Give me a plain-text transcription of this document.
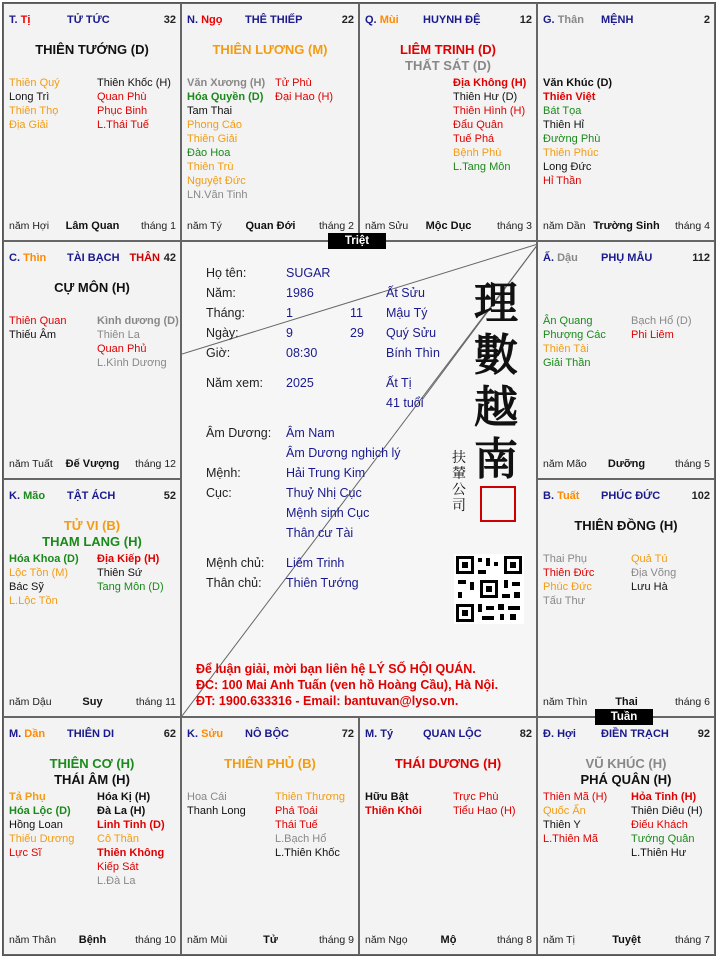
T. Tị	TỬ TỨC	32
THIÊN TƯỚNG (D)
Thiên Quý
Long Trì
Thiên Thọ
Địa Giải
Thiên Khốc (H)
Quan Phù
Phục Binh
L.Thái Tuế
Lâm Quan
năm Hợi	tháng 1
N. Ngọ THÊ THIẾP	22
THIÊN LƯƠNG (M)
Văn Xương (H)
Hóa Quyền (D)
Tam Thai
Phong Cáo
Thiên Giải
Đào Hoa
Thiên Trù
Nguyệt Đức
LN.Văn Tinh
Tử Phù
Đại Hao (H)
Quan Đới
năm Tý	tháng 2
Q. Mùi HUYNH ĐỆ	12
LIÊM TRINH (D)
THẤT SÁT (D)
Địa Không (H)
Thiên Hư (D)
Thiên Hình (H)
Đẩu Quân
Tuế Phá
Bệnh Phù
L.Tang Môn
Mộc Dục
năm Sửu	tháng 3
G. Thân MỆNH	2
Văn Khúc (D)
Thiên Việt
Bát Tọa
Thiên Hỉ
Đường Phù
Thiên Phúc
Long Đức
Hỉ Thần
Trường Sinh
năm Dần	tháng 4
C. Thìn TÀI BẠCH THÂN 42
CỰ MÔN (H)
Thiên Quan
Thiếu Âm
Kình dương (D)
Thiên La
Quan Phủ
L.Kình Dương
Đế Vượng
năm Tuất	tháng 12
Ấ. Dậu PHỤ MẪU	112
Ân Quang
Phượng Các
Thiên Tài
Giải Thần
Bạch Hổ (D)
Phi Liêm
Dưỡng
năm Mão	tháng 5
K. Mão TẬT ÁCH	52
TỬ VI (B)
THAM LANG (H)
Hóa Khoa (D)
Lộc Tồn (M)
Bác Sỹ
L.Lộc Tồn
Địa Kiếp (H)
Thiên Sứ
Tang Môn (D)
Suy
năm Dậu	tháng 11
B. Tuất PHÚC ĐỨC	102
THIÊN ĐỒNG (H)
Thai Phụ
Thiên Đức
Phúc Đức
Tấu Thư
Quả Tú
Địa Võng
Lưu Hà
Thai
năm Thìn	tháng 6
M. Dần THIÊN DI	62
THIÊN CƠ (H)
THÁI ÂM (H)
Tả Phụ
Hóa Lộc (D)
Hồng Loan
Thiếu Dương
Lực Sĩ
Hóa Kị (H)
Đà La (H)
Linh Tinh (D)
Cô Thần
Thiên Không
Kiếp Sát
L.Đà La
Bệnh
năm Thân	tháng 10
K. Sửu NÔ BỘC	72
THIÊN PHỦ (B)
Hoa Cái
Thanh Long
Thiên Thương
Phá Toái
Thái Tuế
L.Bạch Hổ
L.Thiên Khốc
Tử
năm Mùi	tháng 9
M. Tý	QUAN LỘC	82
THÁI DƯƠNG (H)
Hữu Bật
Thiên Khôi
Trực Phù
Tiểu Hao (H)
Mộ
năm Ngọ	tháng 8
Đ. Hợi ĐIỀN TRẠCH	92
VŨ KHÚC (H)
PHÁ QUÂN (H)
Thiên Mã (H)
Quốc Ấn
Thiên Y
L.Thiên Mã
Hỏa Tinh (H)
Thiên Diêu (H)
Điếu Khách
Tướng Quân
L.Thiên Hư
Tuyệt
năm Tị	tháng 7
Họ tên:	SUGAR
Năm:	1986	Ất Sửu
Tháng:	1	11 Mậu Tý
Ngày:	9	29 Quý Sửu
Giờ:	08:30	Bính Thìn
Năm xem: 2025	Ất Tị
41 tuổi
Âm Dương: Âm Nam
Âm Dương nghịch lý
Mệnh:	Hải Trung Kim
Cục:	Thuỷ Nhị Cục
Mệnh sinh Cục
Thân cư Tài
Mệnh chủ: Liêm Trinh
Thân chủ: Thiên Tướng
理
數
越
南
扶
輦
公
司
Để luận giải, mời bạn liên hệ LÝ SỐ HỘI QUÁN.
ĐC: 100 Mai Anh Tuấn (ven hồ Hoàng Cầu), Hà Nội.
ĐT: 1900.633316 - Email: bantuvan@lyso.vn.
Triệt
Tuần
